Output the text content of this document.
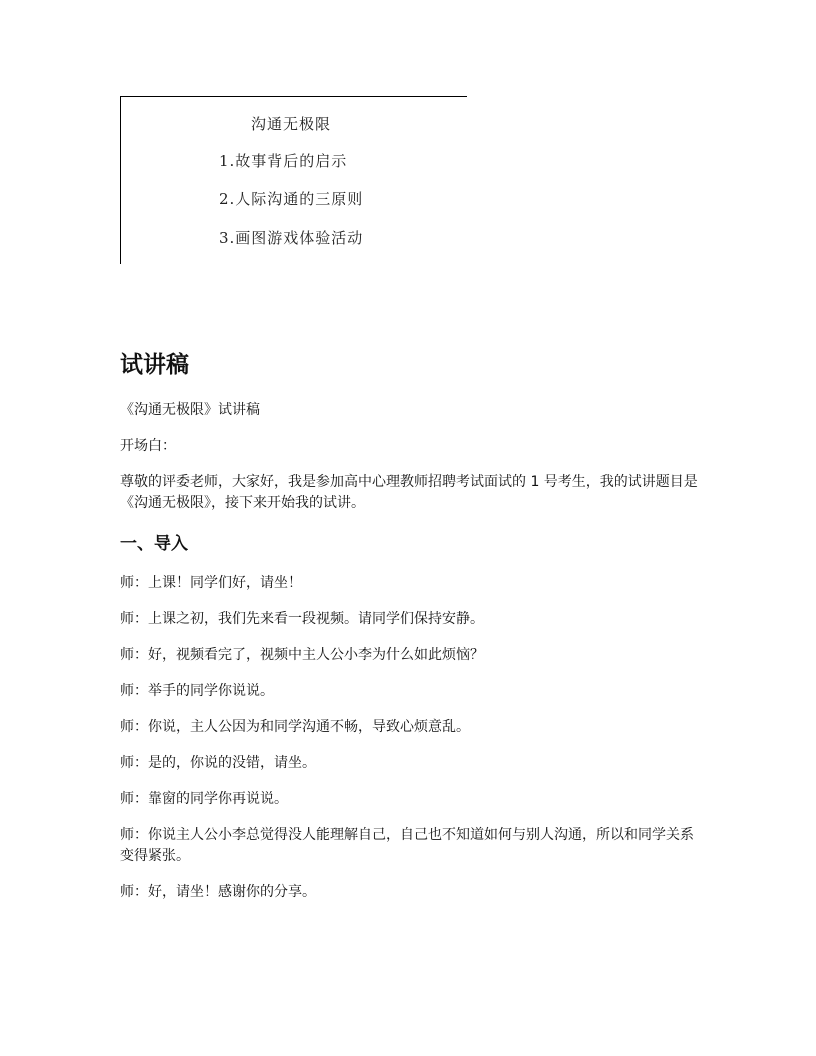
沟通无极限
1.故事背后的启示
2.人际沟通的三原则
3.画图游戏体验活动
试讲稿

《沟通无极限》试讲稿

开场白：

尊敬的评委老师，大家好，我是参加高中心理教师招聘考试面试的 1 号考生，我的试讲题目是《沟通无极限》，接下来开始我的试讲。

一、导入

师：上课！同学们好，请坐！

师：上课之初，我们先来看一段视频。请同学们保持安静。

师：好，视频看完了，视频中主人公小李为什么如此烦恼？

师：举手的同学你说说。

师：你说，主人公因为和同学沟通不畅，导致心烦意乱。

师：是的，你说的没错，请坐。

师：靠窗的同学你再说说。

师：你说主人公小李总觉得没人能理解自己，自己也不知道如何与别人沟通，所以和同学关系变得紧张。

师：好，请坐！感谢你的分享。
